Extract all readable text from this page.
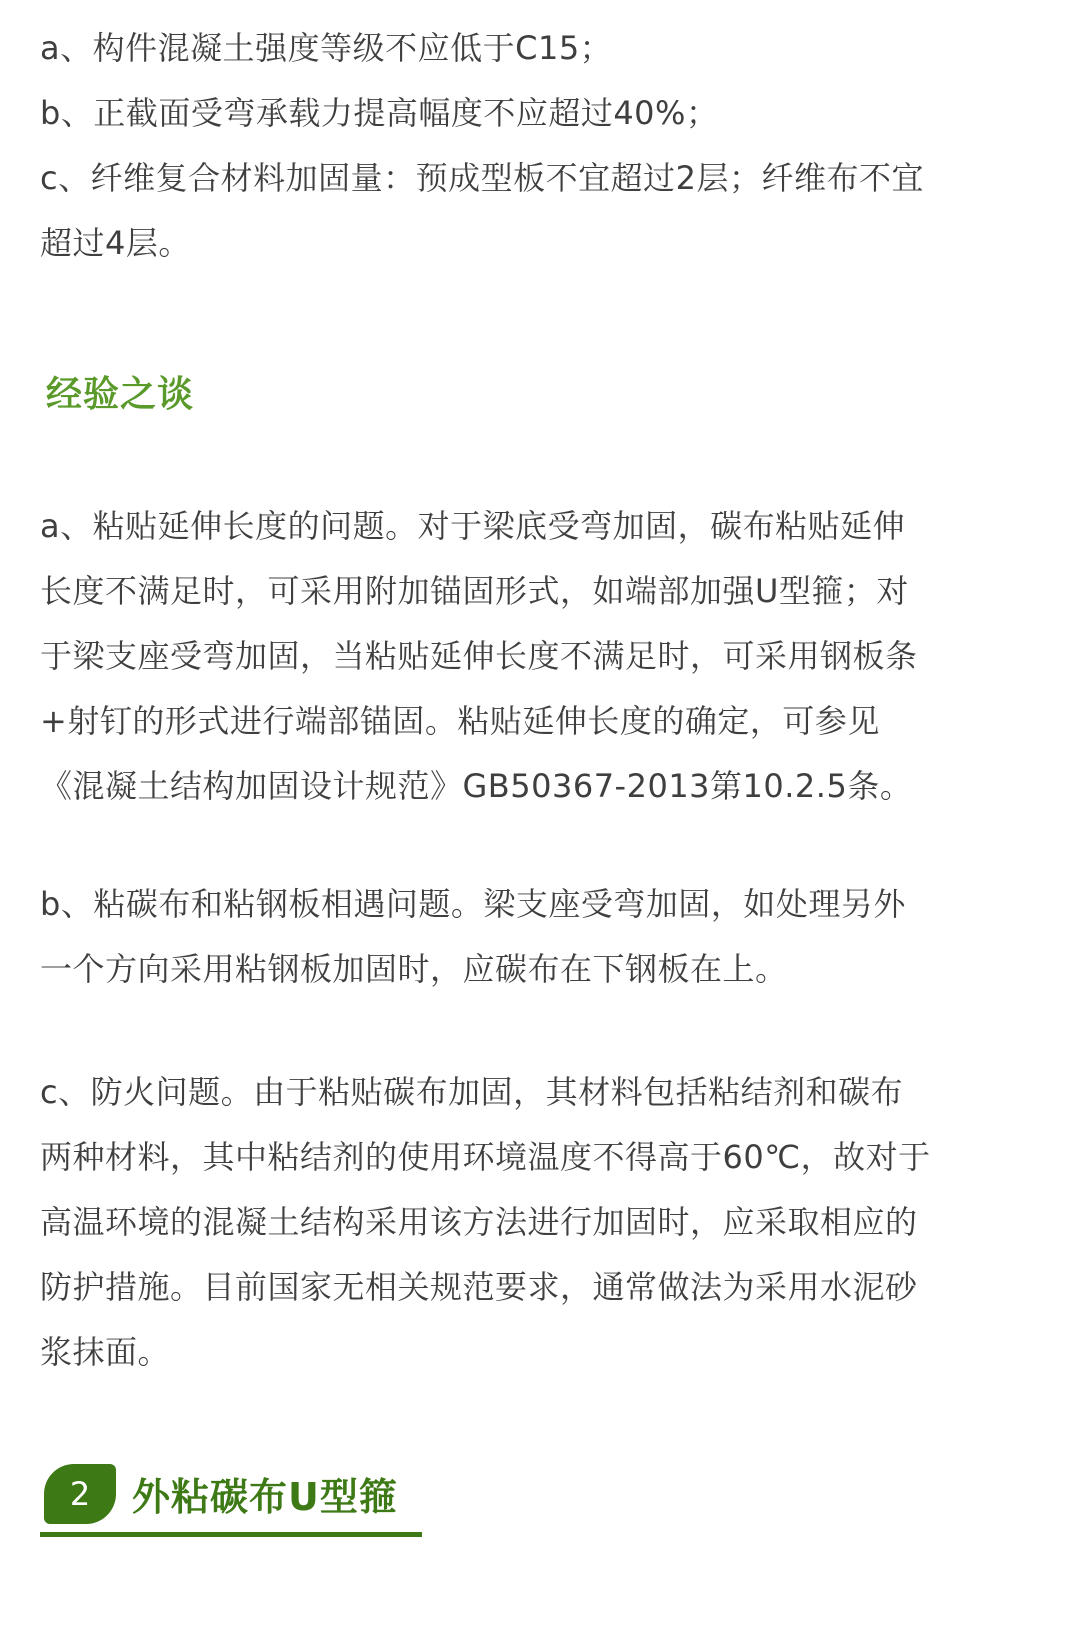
a、构件混凝土强度等级不应低于C15；
b、正截面受弯承载力提高幅度不应超过40%；
c、纤维复合材料加固量：预成型板不宜超过2层；纤维布不宜
超过4层。
经验之谈
a、粘贴延伸长度的问题。对于梁底受弯加固，碳布粘贴延伸
长度不满足时，可采用附加锚固形式，如端部加强U型箍；对
于梁支座受弯加固，当粘贴延伸长度不满足时，可采用钢板条
+射钉的形式进行端部锚固。粘贴延伸长度的确定，可参见
《混凝土结构加固设计规范》GB50367-2013第10.2.5条。
b、粘碳布和粘钢板相遇问题。梁支座受弯加固，如处理另外
一个方向采用粘钢板加固时，应碳布在下钢板在上。
c、防火问题。由于粘贴碳布加固，其材料包括粘结剂和碳布
两种材料，其中粘结剂的使用环境温度不得高于60℃，故对于
高温环境的混凝土结构采用该方法进行加固时，应采取相应的
防护措施。目前国家无相关规范要求，通常做法为采用水泥砂
浆抹面。
2	外粘碳布U型箍
